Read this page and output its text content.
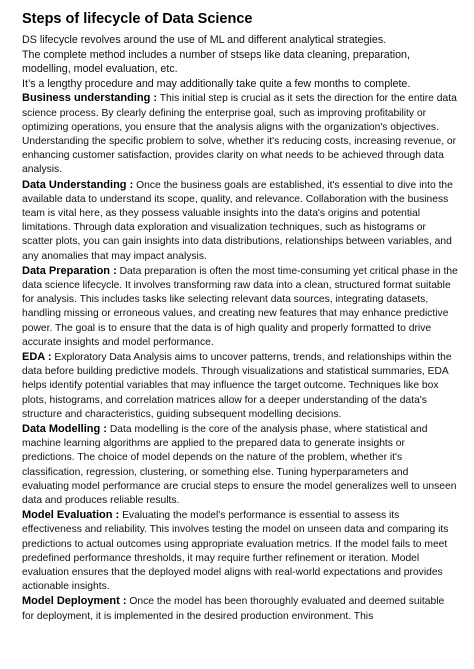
Steps of lifecycle of Data Science

DS lifecycle revolves around the use of ML and different analytical strategies.

The complete method includes a number of stseps like data cleaning, preparation, modelling, model evaluation, etc.

It’s a lengthy procedure and may additionally take quite a few months to complete.

Business understanding : This initial step is crucial as it sets the direction for the entire data science process. By clearly defining the enterprise goal, such as improving profitability or optimizing operations, you ensure that the analysis aligns with the organization's objectives. Understanding the specific problem to solve, whether it's reducing costs, increasing revenue, or enhancing customer satisfaction, provides clarity on what needs to be achieved through data analysis.

Data Understanding : Once the business goals are established, it's essential to dive into the available data to understand its scope, quality, and relevance. Collaboration with the business team is vital here, as they possess valuable insights into the data's origins and potential limitations. Through data exploration and visualization techniques, such as histograms or scatter plots, you can gain insights into data distributions, relationships between variables, and any anomalies that may impact analysis.

Data Preparation : Data preparation is often the most time-consuming yet critical phase in the data science lifecycle. It involves transforming raw data into a clean, structured format suitable for analysis. This includes tasks like selecting relevant data sources, integrating datasets, handling missing or erroneous values, and creating new features that may enhance predictive power. The goal is to ensure that the data is of high quality and properly formatted to drive accurate insights and model performance.

EDA : Exploratory Data Analysis aims to uncover patterns, trends, and relationships within the data before building predictive models. Through visualizations and statistical summaries, EDA helps identify potential variables that may influence the target outcome. Techniques like box plots, histograms, and correlation matrices allow for a deeper understanding of the data's structure and characteristics, guiding subsequent modelling decisions.

Data Modelling : Data modelling is the core of the analysis phase, where statistical and machine learning algorithms are applied to the prepared data to generate insights or predictions. The choice of model depends on the nature of the problem, whether it's classification, regression, clustering, or something else. Tuning hyperparameters and evaluating model performance are crucial steps to ensure the model generalizes well to unseen data and produces reliable results.

Model Evaluation : Evaluating the model's performance is essential to assess its effectiveness and reliability. This involves testing the model on unseen data and comparing its predictions to actual outcomes using appropriate evaluation metrics. If the model fails to meet predefined performance thresholds, it may require further refinement or iteration. Model evaluation ensures that the deployed model aligns with real-world expectations and provides actionable insights.

Model Deployment : Once the model has been thoroughly evaluated and deemed suitable for deployment, it is implemented in the desired production environment. This
